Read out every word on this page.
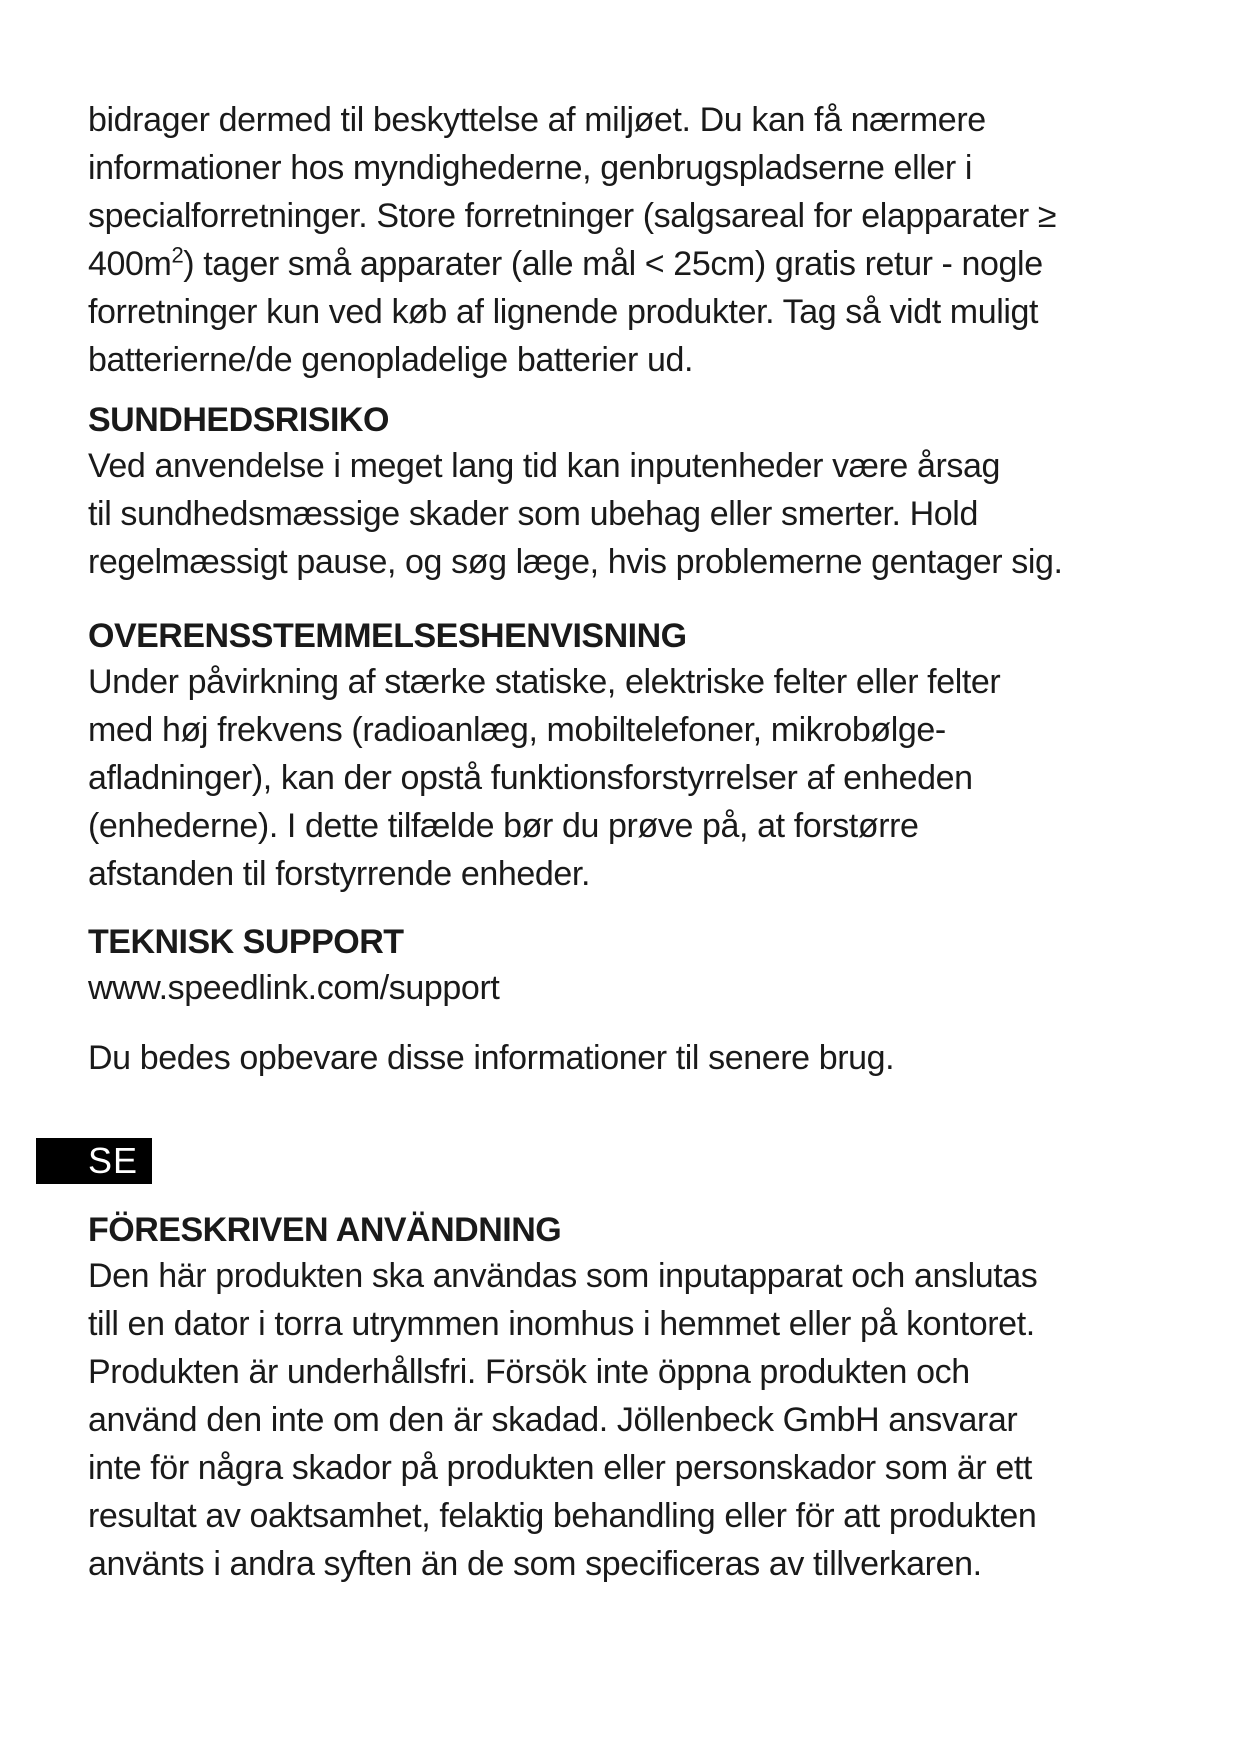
bidrager dermed til beskyttelse af miljøet. Du kan få nærmere
informationer hos myndighederne, genbrugspladserne eller i
specialforretninger. Store forretninger (salgsareal for elapparater ≥
$400m^2$) tager små apparater (alle mål < 25cm) gratis retur - nogle
forretninger kun ved køb af lignende produkter. Tag så vidt muligt
batterierne/de genopladelige batterier ud.

SUNDHEDSRISIKO

Ved anvendelse i meget lang tid kan inputenheder være årsag
til sundhedsmæssige skader som ubehag eller smerter. Hold
regelmæssigt pause, og søg læge, hvis problemerne gentager sig.

OVERENSSTEMMELSESHENVISNING

Under påvirkning af stærke statiske, elektriske felter eller felter
med høj frekvens (radioanlæg, mobiltelefoner, mikrobølge-
afladninger), kan der opstå funktionsforstyrrelser af enheden
(enhederne). I dette tilfælde bør du prøve på, at forstørre
afstanden til forstyrrende enheder.

TEKNISK SUPPORT

www.speedlink.com/support

Du bedes opbevare disse informationer til senere brug.

SE
FÖRESKRIVEN ANVÄNDNING

Den här produkten ska användas som inputapparat och anslutas
till en dator i torra utrymmen inomhus i hemmet eller på kontoret.
Produkten är underhållsfri. Försök inte öppna produkten och
använd den inte om den är skadad. Jöllenbeck GmbH ansvarar
inte för några skador på produkten eller personskador som är ett
resultat av oaktsamhet, felaktig behandling eller för att produkten
använts i andra syften än de som specificeras av tillverkaren.
